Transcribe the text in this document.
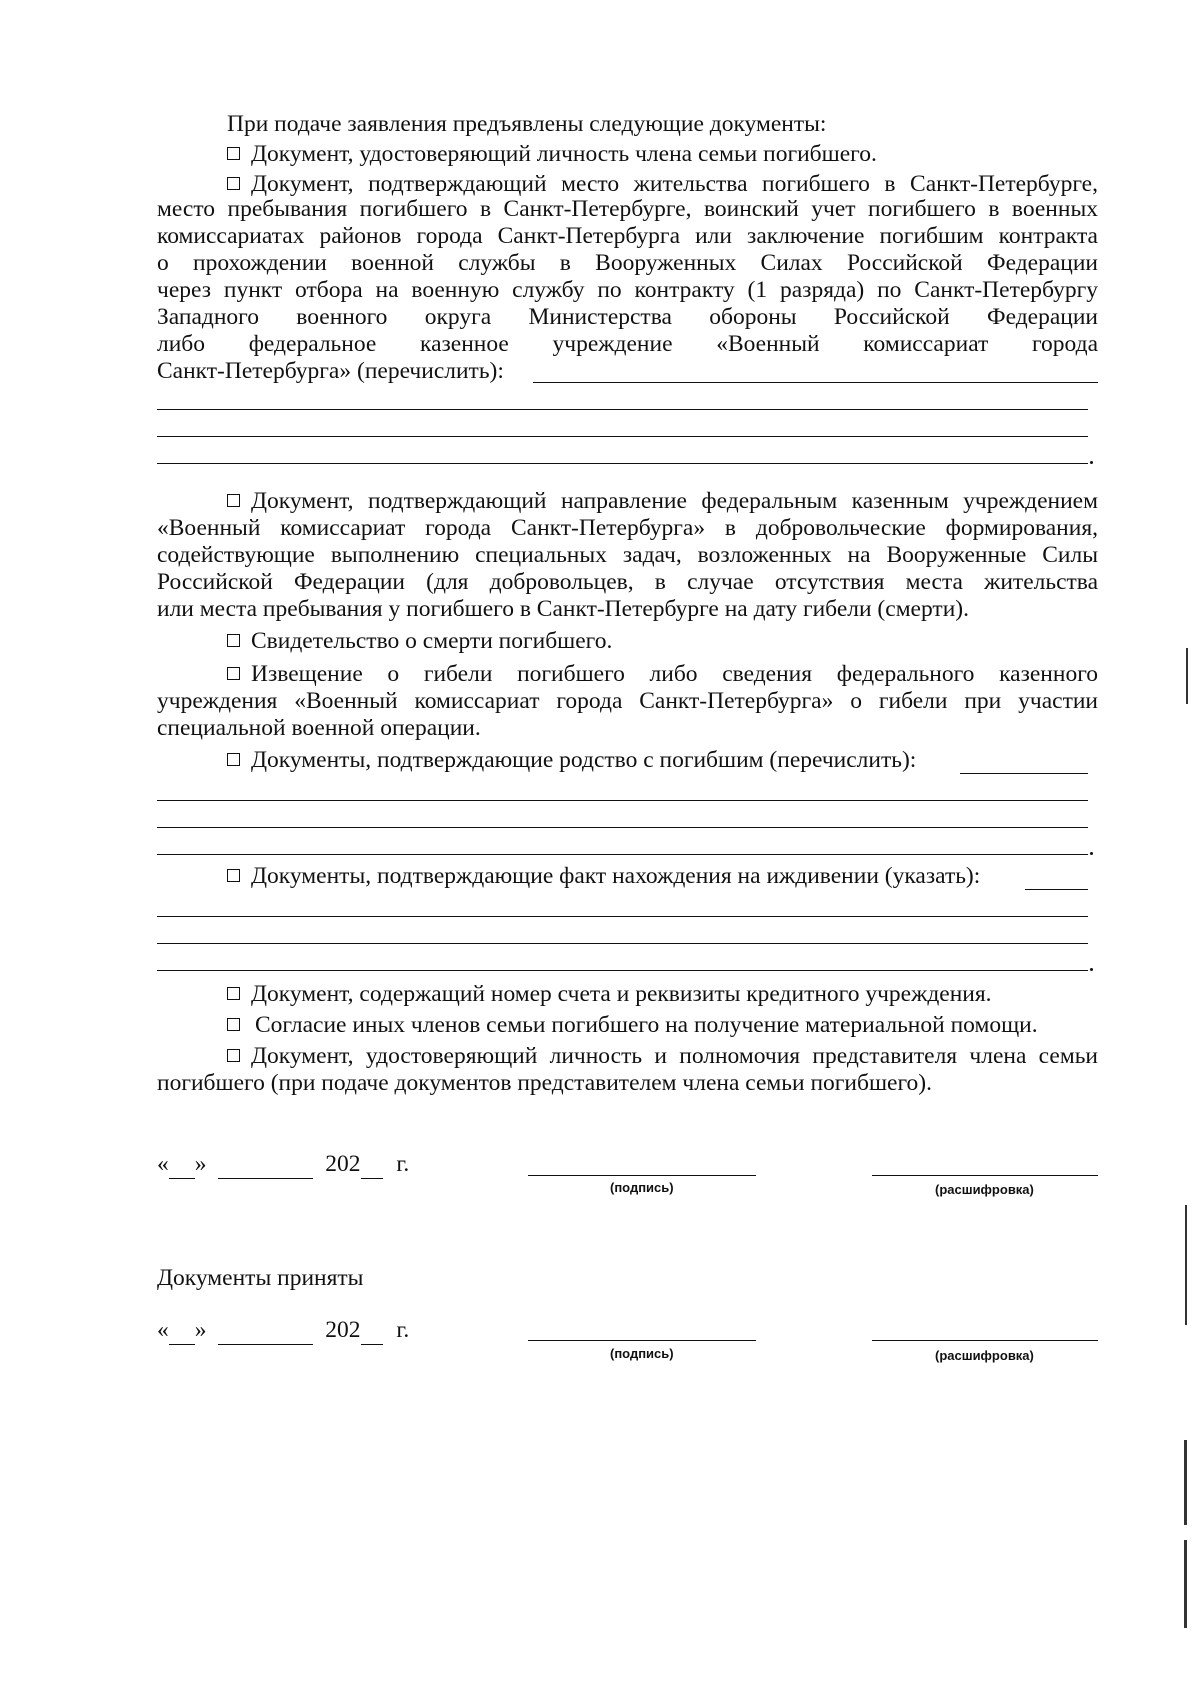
При подаче заявления предъявлены следующие документы:
Документ, удостоверяющий личность члена семьи погибшего.
Документ, подтверждающий место жительства погибшего в Санкт-Петербурге,
место пребывания погибшего в Санкт-Петербурге, воинский учет погибшего в военных
комиссариатах районов города Санкт-Петербурга или заключение погибшим контракта
о прохождении военной службы в Вооруженных Силах Российской Федерации
через пункт отбора на военную службу по контракту (1 разряда) по Санкт-Петербургу
Западного военного округа Министерства обороны Российской Федерации
либо федеральное казенное учреждение «Военный комиссариат города
Санкт-Петербурга» (перечислить):
Документ, подтверждающий направление федеральным казенным учреждением
«Военный комиссариат города Санкт-Петербурга» в добровольческие формирования,
содействующие выполнению специальных задач, возложенных на Вооруженные Силы
Российской Федерации (для добровольцев, в случае отсутствия места жительства
или места пребывания у погибшего в Санкт-Петербурге на дату гибели (смерти).
Свидетельство о смерти погибшего.
Извещение о гибели погибшего либо сведения федерального казенного
учреждения «Военный комиссариат города Санкт-Петербурга» о гибели при участии
специальной военной операции.
Документы, подтверждающие родство с погибшим (перечислить):
Документы, подтверждающие факт нахождения на иждивении (указать):
Документ, содержащий номер счета и реквизиты кредитного учреждения.
Согласие иных членов семьи погибшего на получение материальной помощи.
Документ, удостоверяющий личность и полномочия представителя члена семьи
погибшего (при подаче документов представителем члена семьи погибшего).
« »	202 г.
(подпись)	(расшифровка)
Документы приняты
« »	202 г.
(подпись)	(расшифровка)
